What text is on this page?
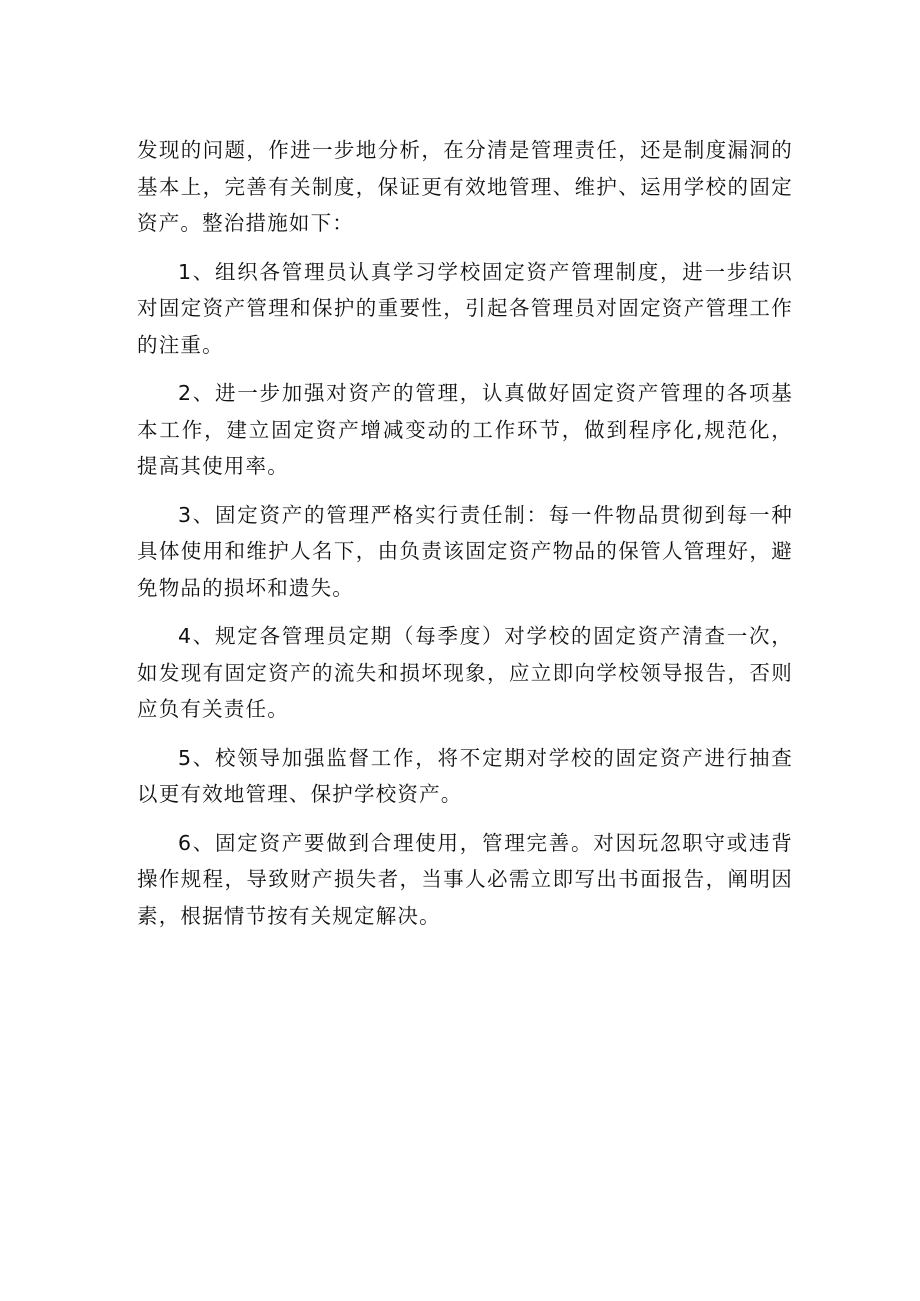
发现的问题，作进一步地分析，在分清是管理责任，还是制度漏洞的基本上，完善有关制度，保证更有效地管理、维护、运用学校的固定资产。整治措施如下：

1、组织各管理员认真学习学校固定资产管理制度，进一步结识对固定资产管理和保护的重要性，引起各管理员对固定资产管理工作的注重。

2、进一步加强对资产的管理，认真做好固定资产管理的各项基本工作，建立固定资产增减变动的工作环节，做到程序化,规范化，提高其使用率。

3、固定资产的管理严格实行责任制：每一件物品贯彻到每一种具体使用和维护人名下，由负责该固定资产物品的保管人管理好，避免物品的损坏和遗失。

4、规定各管理员定期（每季度）对学校的固定资产清查一次，如发现有固定资产的流失和损坏现象，应立即向学校领导报告，否则应负有关责任。

5、校领导加强监督工作，将不定期对学校的固定资产进行抽查以更有效地管理、保护学校资产。

6、固定资产要做到合理使用，管理完善。对因玩忽职守或违背操作规程，导致财产损失者，当事人必需立即写出书面报告，阐明因素，根据情节按有关规定解决。
